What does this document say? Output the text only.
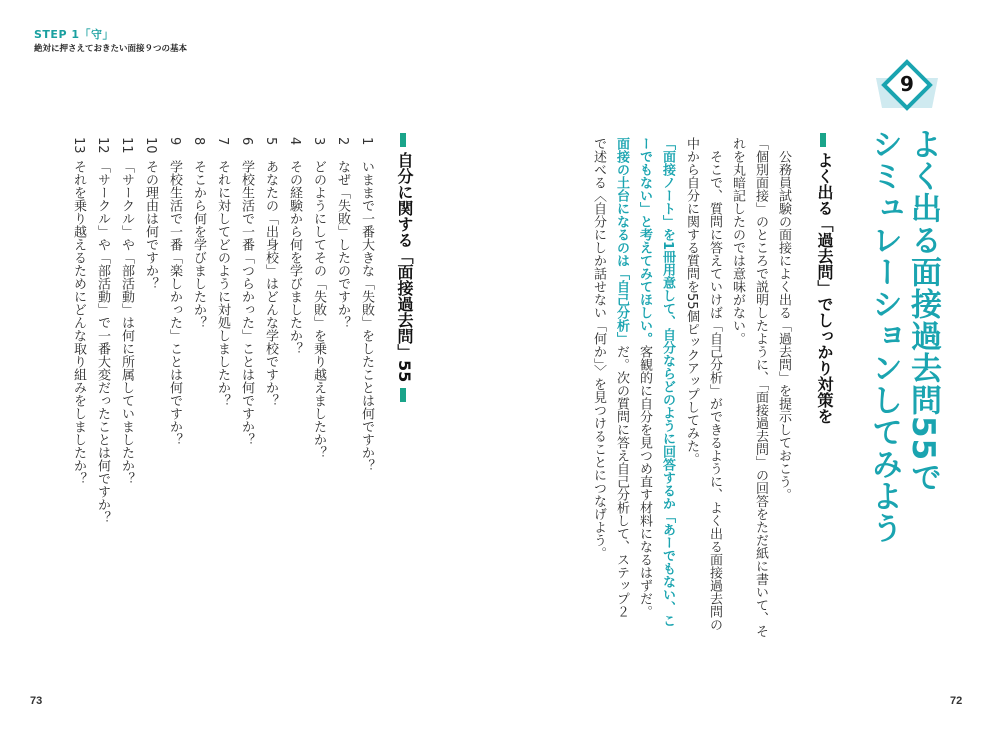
STEP 1「守」
絶対に押さえておきたい面接９つの基本
9
よく出る面接過去問55で
シミュレーションしてみよう
よく出る「過去問」でしっかり対策を
公務員試験の面接によく出る「過去問」を提示しておこう。
「個別面接」のところで説明したように、「面接過去問」の回答をただ紙に書いて、そ
れを丸暗記したのでは意味がない。
そこで、質問に答えていけば「自己分析」ができるように、よく出る面接過去問の
中から自分に関する質問を55個ピックアップしてみた。
「面接ノート」を1冊用意して、自分ならどのように回答するか「あーでもない、こ
ーでもない」と考えてみてほしい。客観的に自分を見つめ直す材料になるはずだ。
面接の土台になるのは「自己分析」だ。次の質問に答え自己分析して、ステップ２
で述べる〈自分にしか話せない「何か」〉を見つけることにつなげよう。
自分に関する「面接過去問」55
1
いままで一番大きな「失敗」をしたことは何ですか？
2
なぜ「失敗」したのですか？
3
どのようにしてその「失敗」を乗り越えましたか？
4
その経験から何を学びましたか？
5
あなたの「出身校」はどんな学校ですか？
6
学校生活で一番「つらかった」ことは何ですか？
7
それに対してどのように対処しましたか？
8
そこから何を学びましたか？
9
学校生活で一番「楽しかった」ことは何ですか？
10
その理由は何ですか？
11
「サークル」や「部活動」は何に所属していましたか？
12
「サークル」や「部活動」で一番大変だったことは何ですか？
13
それを乗り越えるためにどんな取り組みをしましたか？
73	72
